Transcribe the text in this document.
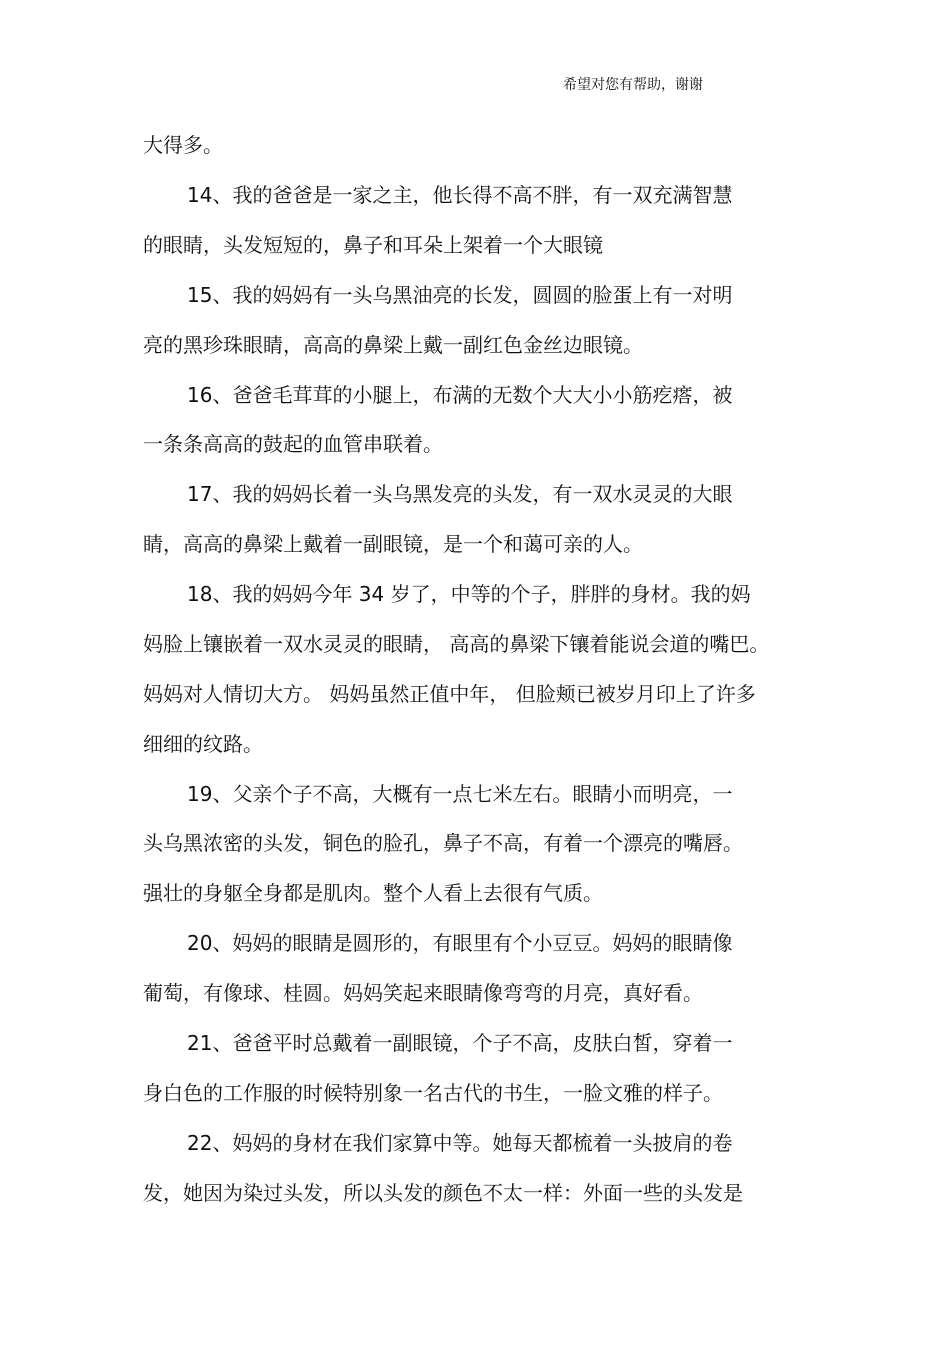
希望对您有帮助，谢谢
大得多。
14、我的爸爸是一家之主，他长得不高不胖，有一双充满智慧
的眼睛，头发短短的，鼻子和耳朵上架着一个大眼镜
15、我的妈妈有一头乌黑油亮的长发，圆圆的脸蛋上有一对明
亮的黑珍珠眼睛，高高的鼻梁上戴一副红色金丝边眼镜。
16、爸爸毛茸茸的小腿上，布满的无数个大大小小筋疙瘩，被
一条条高高的鼓起的血管串联着。
17、我的妈妈长着一头乌黑发亮的头发，有一双水灵灵的大眼
睛，高高的鼻梁上戴着一副眼镜，是一个和蔼可亲的人。
18、我的妈妈今年 34 岁了，中等的个子，胖胖的身材。我的妈
妈脸上镶嵌着一双水灵灵的眼睛， 高高的鼻梁下镶着能说会道的嘴巴。
妈妈对人情切大方。 妈妈虽然正值中年， 但脸颊已被岁月印上了许多
细细的纹路。
19、父亲个子不高，大概有一点七米左右。眼睛小而明亮，一
头乌黑浓密的头发，铜色的脸孔，鼻子不高，有着一个漂亮的嘴唇。
强壮的身躯全身都是肌肉。整个人看上去很有气质。
20、妈妈的眼睛是圆形的，有眼里有个小豆豆。妈妈的眼睛像
葡萄，有像球、桂圆。妈妈笑起来眼睛像弯弯的月亮，真好看。
21、爸爸平时总戴着一副眼镜，个子不高，皮肤白皙，穿着一
身白色的工作服的时候特别象一名古代的书生，一脸文雅的样子。
22、妈妈的身材在我们家算中等。她每天都梳着一头披肩的卷
发，她因为染过头发，所以头发的颜色不太一样：外面一些的头发是
